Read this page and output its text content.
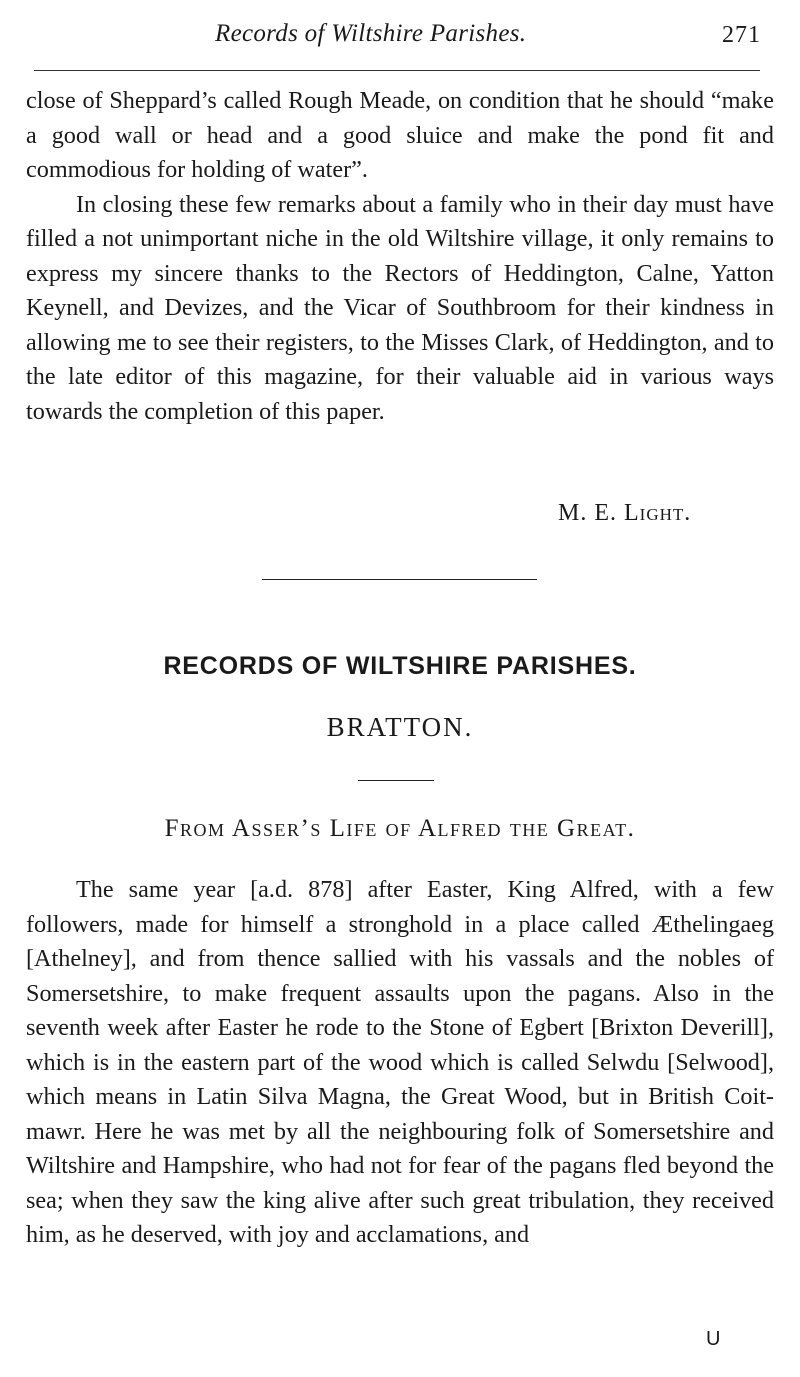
Records of Wiltshire Parishes.	271

close of Sheppard’s called Rough Meade, on condition that he should “make a good wall or head and a good sluice and make the pond fit and commodious for holding of water”.

In closing these few remarks about a family who in their day must have filled a not unimportant niche in the old Wiltshire village, it only remains to express my sincere thanks to the Rectors of Heddington, Calne, Yatton Keynell, and Devizes, and the Vicar of Southbroom for their kindness in allowing me to see their registers, to the Misses Clark, of Heddington, and to the late editor of this magazine, for their valuable aid in various ways towards the completion of this paper.

M. E. Light.
RECORDS OF WILTSHIRE PARISHES.
BRATTON.
From Asser’s Life of Alfred the Great.

The same year [a.d. 878] after Easter, King Alfred, with a few followers, made for himself a stronghold in a place called Æthelingaeg [Athelney], and from thence sallied with his vassals and the nobles of Somersetshire, to make frequent assaults upon the pagans. Also in the seventh week after Easter he rode to the Stone of Egbert [Brixton Deverill], which is in the eastern part of the wood which is called Selwdu [Selwood], which means in Latin Silva Magna, the Great Wood, but in British Coit-mawr. Here he was met by all the neighbouring folk of Somersetshire and Wiltshire and Hampshire, who had not for fear of the pagans fled beyond the sea; when they saw the king alive after such great tribulation, they received him, as he deserved, with joy and acclamations, and

U
